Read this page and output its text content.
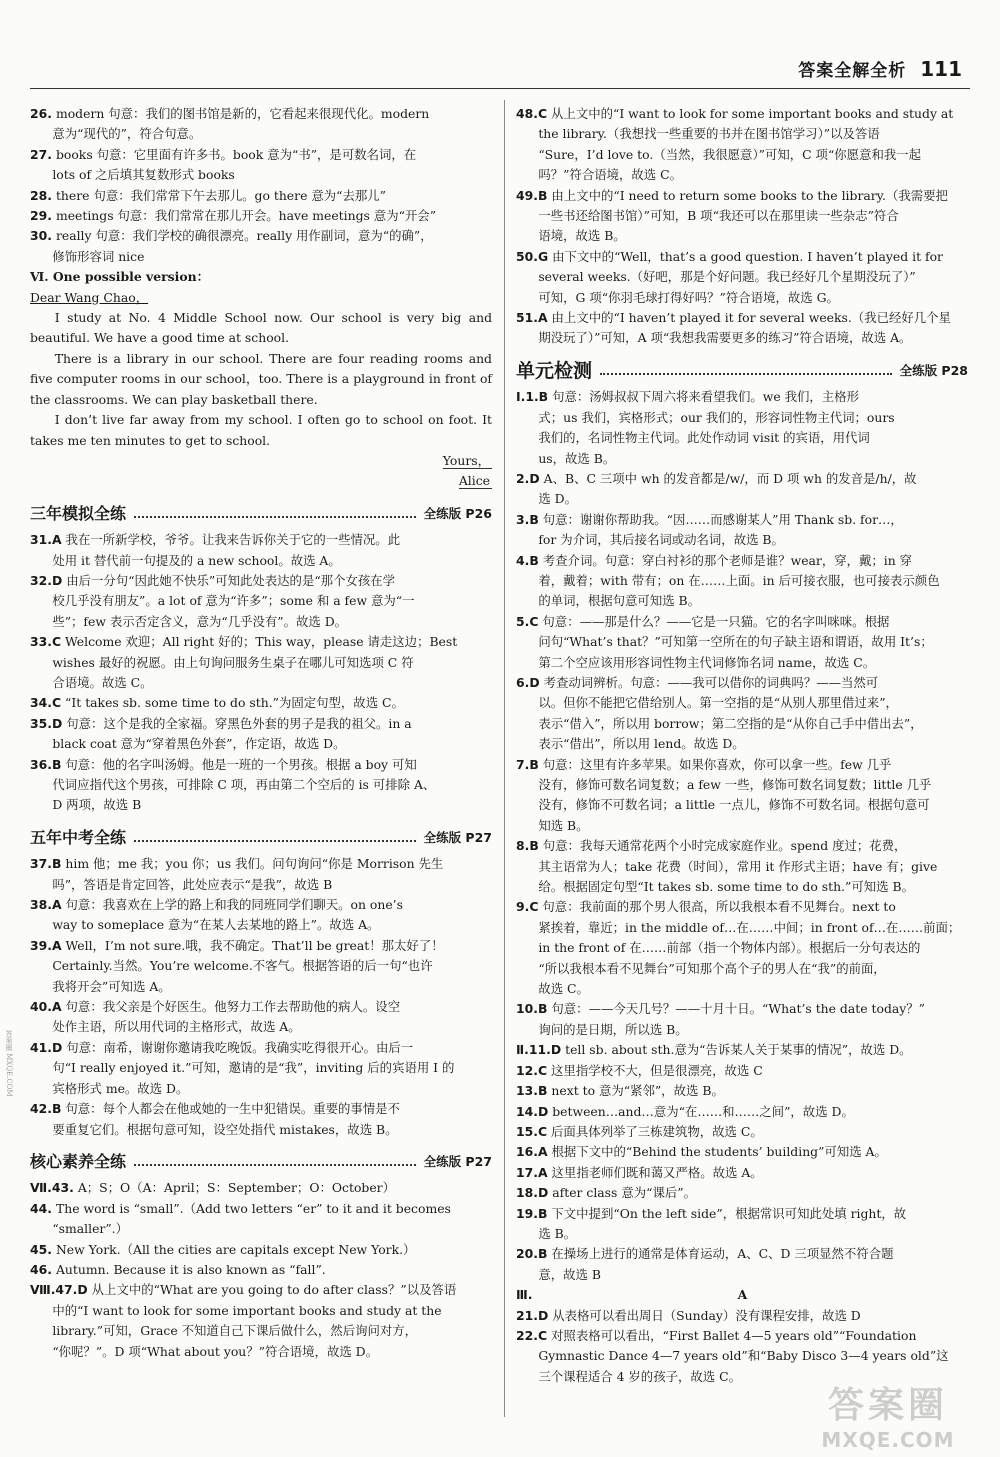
答案全解全析 111
26. modern 句意：我们的图书馆是新的，它看起来很现代化。modern
意为“现代的”，符合句意。
27. books 句意：它里面有许多书。book 意为“书”，是可数名词，在
lots of 之后填其复数形式 books
28. there 句意：我们常常下午去那儿。go there 意为“去那儿”
29. meetings 句意：我们常常在那儿开会。have meetings 意为“开会”
30. really 句意：我们学校的确很漂亮。really 用作副词，意为“的确”，
修饰形容词 nice
Ⅵ. One possible version：
Dear Wang Chao，
I study at No. 4 Middle School now. Our school is very big and beautiful. We have a good time at school.
There is a library in our school. There are four reading rooms and five computer rooms in our school，too. There is a playground in front of the classrooms. We can play basketball there.
I don’t live far away from my school. I often go to school on foot. It takes me ten minutes to get to school.
Yours，
Alice
三年模拟全练	全练版 P26
31.A 我在一所新学校，爷爷。让我来告诉你关于它的一些情况。此
处用 it 替代前一句提及的 a new school。故选 A。
32.D 由后一分句“因此她不快乐”可知此处表达的是“那个女孩在学
校几乎没有朋友”。a lot of 意为“许多”；some 和 a few 意为“一
些”；few 表示否定含义，意为“几乎没有”。故选 D。
33.C Welcome 欢迎；All right 好的；This way，please 请走这边；Best
wishes 最好的祝愿。由上句询问服务生桌子在哪儿可知选项 C 符
合语境。故选 C。
34.C “It takes sb. some time to do sth.”为固定句型，故选 C。
35.D 句意：这个是我的全家福。穿黑色外套的男子是我的祖父。in a
black coat 意为“穿着黑色外套”，作定语，故选 D。
36.B 句意：他的名字叫汤姆。他是一班的一个男孩。根据 a boy 可知
代词应指代这个男孩，可排除 C 项，再由第二个空后的 is 可排除 A、
D 两项，故选 B
五年中考全练	全练版 P27
37.B him 他；me 我；you 你；us 我们。问句询问“你是 Morrison 先生
吗”，答语是肯定回答，此处应表示“是我”，故选 B
38.A 句意：我喜欢在上学的路上和我的同班同学们聊天。on one’s
way to someplace 意为“在某人去某地的路上”。故选 A。
39.A Well，I’m not sure.哦，我不确定。That’ll be great！那太好了！
Certainly.当然。You’re welcome.不客气。根据答语的后一句“也许
我将开会”可知选 A。
40.A 句意：我父亲是个好医生。他努力工作去帮助他的病人。设空
处作主语，所以用代词的主格形式，故选 A。
41.D 句意：南希，谢谢你邀请我吃晚饭。我确实吃得很开心。由后一
句“I really enjoyed it.”可知，邀请的是“我”，inviting 后的宾语用 I 的
宾格形式 me。故选 D。
42.B 句意：每个人都会在他或她的一生中犯错误。重要的事情是不
要重复它们。根据句意可知，设空处指代 mistakes，故选 B。
核心素养全练	全练版 P27
Ⅶ.43. A；S；O（A：April；S：September；O：October）
44. The word is “small”.（Add two letters “er” to it and it becomes
“smaller”.）
45. New York.（All the cities are capitals except New York.）
46. Autumn. Because it is also known as “fall”.
Ⅷ.47.D 从上文中的“What are you going to do after class？”以及答语
中的“I want to look for some important books and study at the
library.”可知，Grace 不知道自己下课后做什么，然后询问对方，
“你呢？”。D 项“What about you？”符合语境，故选 D。
48.C 从上文中的“I want to look for some important books and study at
the library.（我想找一些重要的书并在图书馆学习）”以及答语
“Sure，I’d love to.（当然，我很愿意）”可知，C 项“你愿意和我一起
吗？”符合语境，故选 C。
49.B 由上文中的“I need to return some books to the library.（我需要把
一些书还给图书馆）”可知，B 项“我还可以在那里读一些杂志”符合
语境，故选 B。
50.G 由下文中的“Well，that’s a good question. I haven’t played it for
several weeks.（好吧，那是个好问题。我已经好几个星期没玩了）”
可知，G 项“你羽毛球打得好吗？”符合语境，故选 G。
51.A 由上文中的“I haven’t played it for several weeks.（我已经好几个星
期没玩了）”可知，A 项“我想我需要更多的练习”符合语境，故选 A。
单元检测	全练版 P28
Ⅰ.1.B 句意：汤姆叔叔下周六将来看望我们。we 我们，主格形
式；us 我们，宾格形式；our 我们的，形容词性物主代词；ours
我们的，名词性物主代词。此处作动词 visit 的宾语，用代词
us，故选 B。
2.D A、B、C 三项中 wh 的发音都是/w/，而 D 项 wh 的发音是/h/，故
选 D。
3.B 句意：谢谢你帮助我。“因……而感谢某人”用 Thank sb. for…，
for 为介词，其后接名词或动名词，故选 B。
4.B 考查介词。句意：穿白衬衫的那个老师是谁？wear，穿，戴；in 穿
着，戴着；with 带有；on 在……上面。in 后可接衣服，也可接表示颜色
的单词，根据句意可知选 B。
5.C 句意：——那是什么？——它是一只猫。它的名字叫咪咪。根据
问句“What’s that？”可知第一空所在的句子缺主语和谓语，故用 It’s；
第二个空应该用形容词性物主代词修饰名词 name，故选 C。
6.D 考查动词辨析。句意：——我可以借你的词典吗？——当然可
以。但你不能把它借给别人。第一空指的是“从别人那里借过来”，
表示“借入”，所以用 borrow；第二空指的是“从你自己手中借出去”，
表示“借出”，所以用 lend。故选 D。
7.B 句意：这里有许多苹果。如果你喜欢，你可以拿一些。few 几乎
没有，修饰可数名词复数；a few 一些，修饰可数名词复数；little 几乎
没有，修饰不可数名词；a little 一点儿，修饰不可数名词。根据句意可
知选 B。
8.B 句意：我每天通常花两个小时完成家庭作业。spend 度过；花费，
其主语常为人；take 花费（时间），常用 it 作形式主语；have 有；give
给。根据固定句型“It takes sb. some time to do sth.”可知选 B。
9.C 句意：我前面的那个男人很高，所以我根本看不见舞台。next to
紧挨着，靠近；in the middle of…在……中间；in front of…在……前面；
in the front of 在……前部（指一个物体内部）。根据后一分句表达的
“所以我根本看不见舞台”可知那个高个子的男人在“我”的前面，
故选 C。
10.B 句意：——今天几号？——十月十日。“What’s the date today？”
询问的是日期，所以选 B。
Ⅱ.11.D tell sb. about sth.意为“告诉某人关于某事的情况”，故选 D。
12.C 这里指学校不大，但是很漂亮，故选 C
13.B next to 意为“紧邻”，故选 B。
14.D between…and…意为“在……和……之间”，故选 D。
15.C 后面具体列举了三栋建筑物，故选 C。
16.A 根据下文中的“Behind the students’ building”可知选 A。
17.A 这里指老师们既和蔼又严格。故选 A。
18.D after class 意为“课后”。
19.B 下文中提到“On the left side”，根据常识可知此处填 right，故
选 B。
20.B 在操场上进行的通常是体育运动，A、C、D 三项显然不符合题
意，故选 B
Ⅲ.	A
21.D 从表格可以看出周日（Sunday）没有课程安排，故选 D
22.C 对照表格可以看出，“First Ballet 4—5 years old”“Foundation
Gymnastic Dance 4—7 years old”和“Baby Disco 3—4 years old”这
三个课程适合 4 岁的孩子，故选 C。
答案圈 MXQE.COM
答案圈
MXQE.COM
